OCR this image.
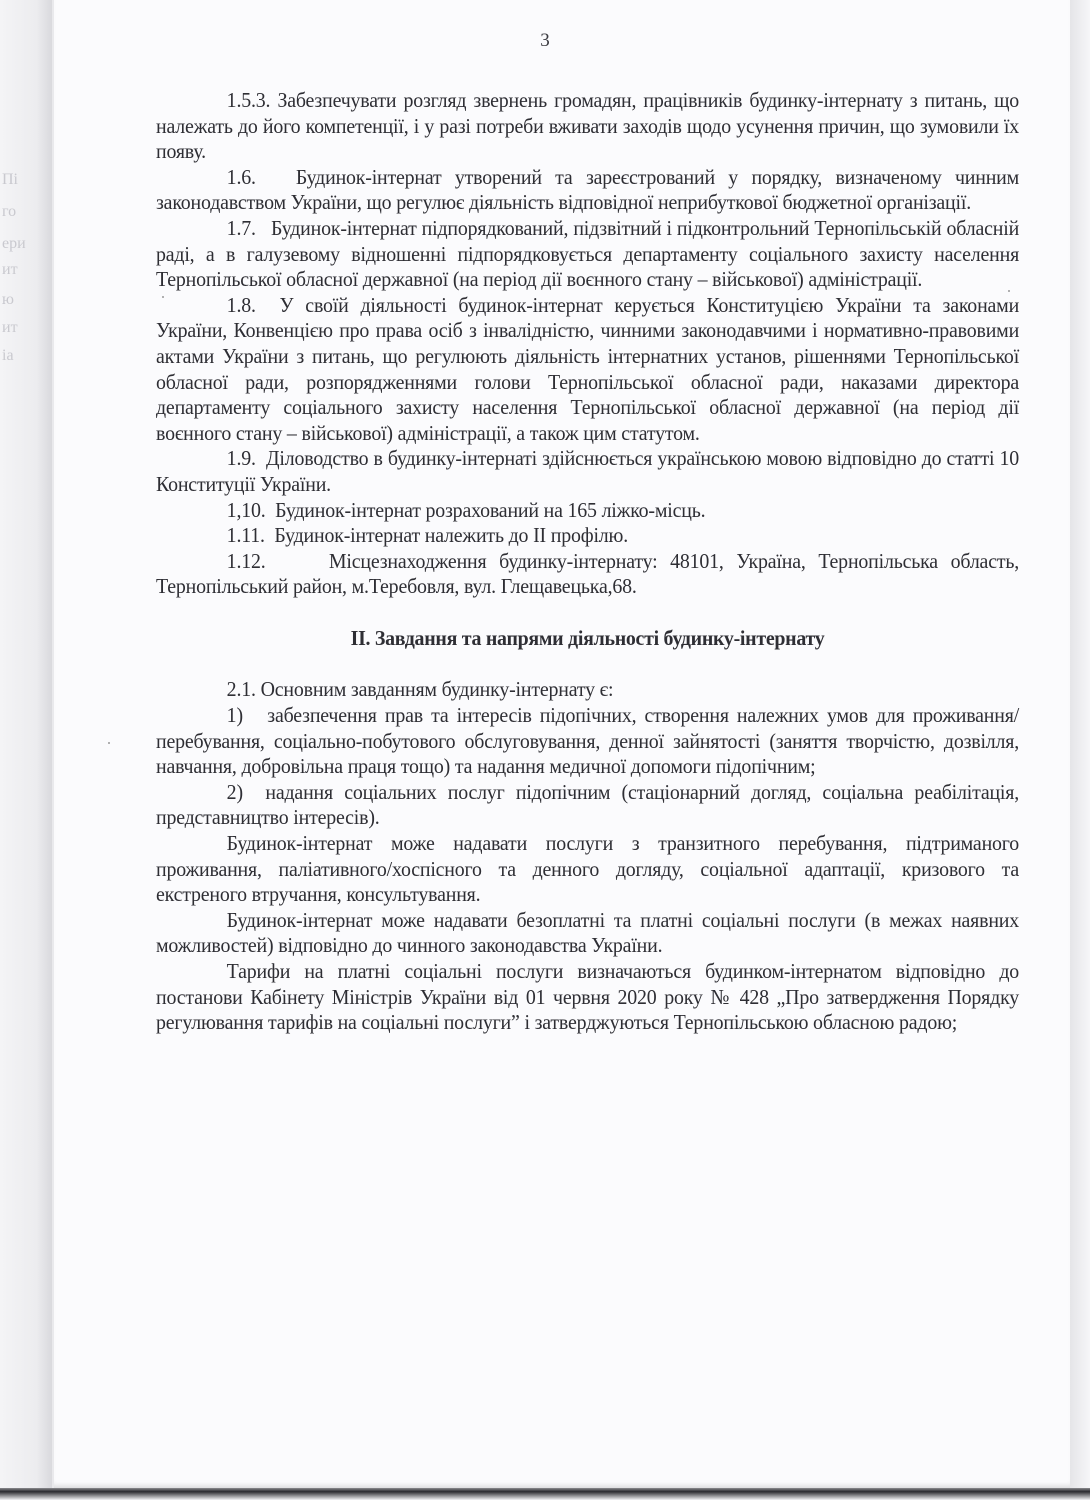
Пі
го
ери
ит
ю
ит
іа
3

1.5.3. Забезпечувати розгляд звернень громадян, працівників будинку-інтернату з питань, що належать до його компетенції, і у разі потреби вживати заходів щодо усунення причин, що зумовили їх появу.

1.6.   Будинок-інтернат утворений та зареєстрований у порядку, визначеному чинним законодавством України, що регулює діяльність відповідної неприбуткової бюджетної організації.

1.7.   Будинок-інтернат підпорядкований, підзвітний і підконтрольний Тернопільській обласній раді, а в галузевому відношенні підпорядковується департаменту соціального захисту населення Тернопільської обласної державної (на період дії воєнного стану – військової) адміністрації.

1.8.  У своїй діяльності будинок-інтернат керується Конституцією України та законами України, Конвенцією про права осіб з інвалідністю, чинними законодавчими і нормативно-правовими актами України з питань, що регулюють діяльність інтернатних установ, рішеннями Тернопільської обласної ради, розпорядженнями голови Тернопільської обласної ради, наказами директора департаменту соціального захисту населення Тернопільської обласної державної (на період дії воєнного стану – військової) адміністрації, а також цим статутом.

1.9.  Діловодство в будинку-інтернаті здійснюється українською мовою відповідно до статті 10 Конституції України.

1,10.  Будинок-інтернат розрахований на 165 ліжко-місць.

1.11.  Будинок-інтернат належить до ІІ профілю.

1.12.     Місцезнаходження будинку-інтернату: 48101, Україна, Тернопільська область, Тернопільський район, м.Теребовля, вул. Глещавецька,68.

ІІ. Завдання та напрями діяльності будинку-інтернату

2.1. Основним завданням будинку-інтернату є:

1)   забезпечення прав та інтересів підопічних, створення належних умов для проживання/перебування, соціально-побутового обслуговування, денної зайнятості (заняття творчістю, дозвілля, навчання, добровільна праця тощо) та надання медичної допомоги підопічним;

2)  надання соціальних послуг підопічним (стаціонарний догляд, соціальна реабілітація, представництво інтересів).

Будинок-інтернат може надавати послуги з транзитного перебування, підтриманого проживання, паліативного/хоспісного та денного догляду, соціальної адаптації, кризового та екстреного втручання, консультування.

Будинок-інтернат може надавати безоплатні та платні соціальні послуги (в межах наявних можливостей) відповідно до чинного законодавства України.

Тарифи на платні соціальні послуги визначаються будинком-інтернатом відповідно до постанови Кабінету Міністрів України від 01 червня 2020 року № 428 „Про затвердження Порядку регулювання тарифів на соціальні послуги” і затверджуються Тернопільською обласною радою;
